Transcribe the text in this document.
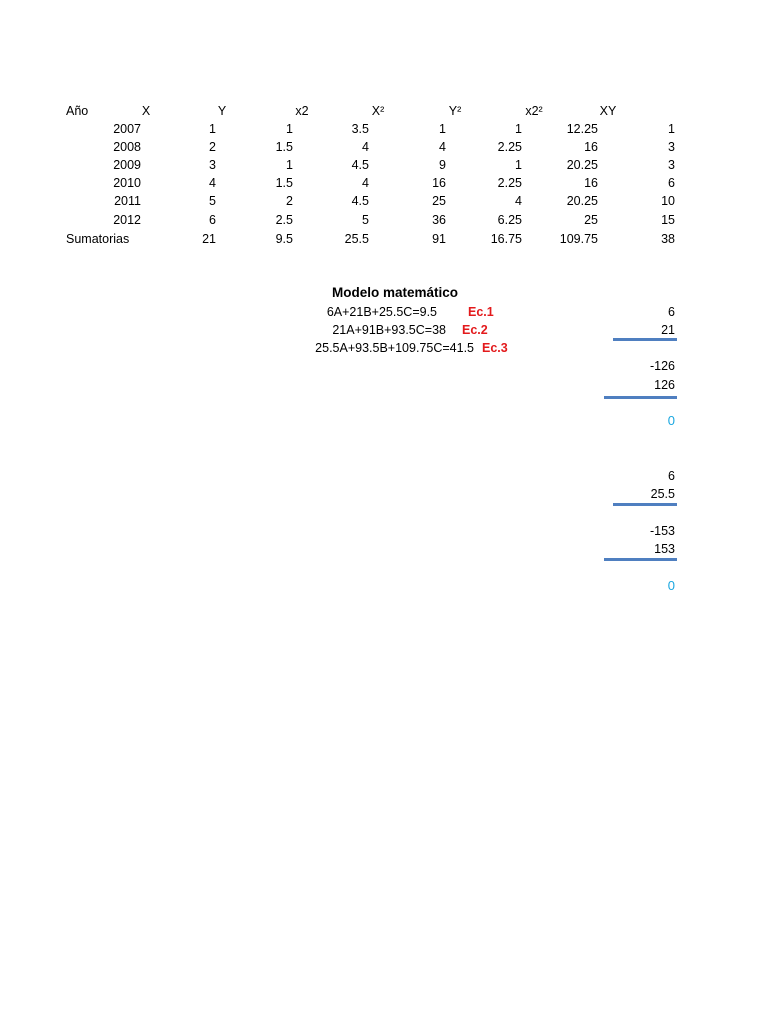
Año	X	Y	x2	X²	Y²	x2²	XY
2007	1	1	3.5	1	1	12.25	1
2008	2	1.5	4	4	2.25	16	3
2009	3	1	4.5	9	1	20.25	3
2010	4	1.5	4	16	2.25	16	6
2011	5	2	4.5	25	4	20.25	10
2012	6	2.5	5	36	6.25	25	15
Sumatorias	21	9.5	25.5	91	16.75	109.75	38
Modelo matemático
6A+21B+25.5C=9.5 Ec.1
21A+91B+93.5C=38 Ec.2
25.5A+93.5B+109.75C=41.5 Ec.3
6
21
-126
126
0
6
25.5
-153
153
0
